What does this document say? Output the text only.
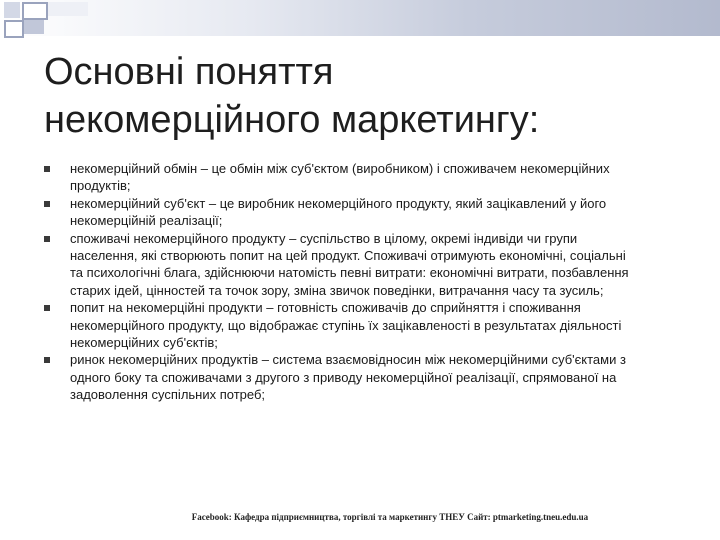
Основні поняття
некомерційного маркетингу:
некомерційний обмін – це обмін між суб'єктом (виробником) і споживачем некомерційних
продуктів;
некомерційний суб'єкт – це виробник некомерційного продукту, який зацікавлений у його
некомерційній реалізації;
споживачі некомерційного продукту – суспільство в цілому, окремі індивіди чи групи
населення, які створюють попит на цей продукт. Споживачі отримують економічні, соціальні
та психологічні блага, здійснюючи натомість певні витрати: економічні витрати, позбавлення
старих ідей, цінностей та точок зору, зміна звичок поведінки, витрачання часу та зусиль;
попит на некомерційні продукти – готовність споживачів до сприйняття і споживання
некомерційного продукту, що відображає ступінь їх зацікавленості в результатах діяльності
некомерційних суб'єктів;
ринок некомерційних продуктів – система взаємовідносин між некомерційними суб'єктами з
одного боку та споживачами з другого з приводу некомерційної реалізації, спрямованої на
задоволення суспільних потреб;
Facebook: Кафедра підприємництва, торгівлі та маркетингу ТНЕУ Сайт: ptmarketing.tneu.edu.ua
